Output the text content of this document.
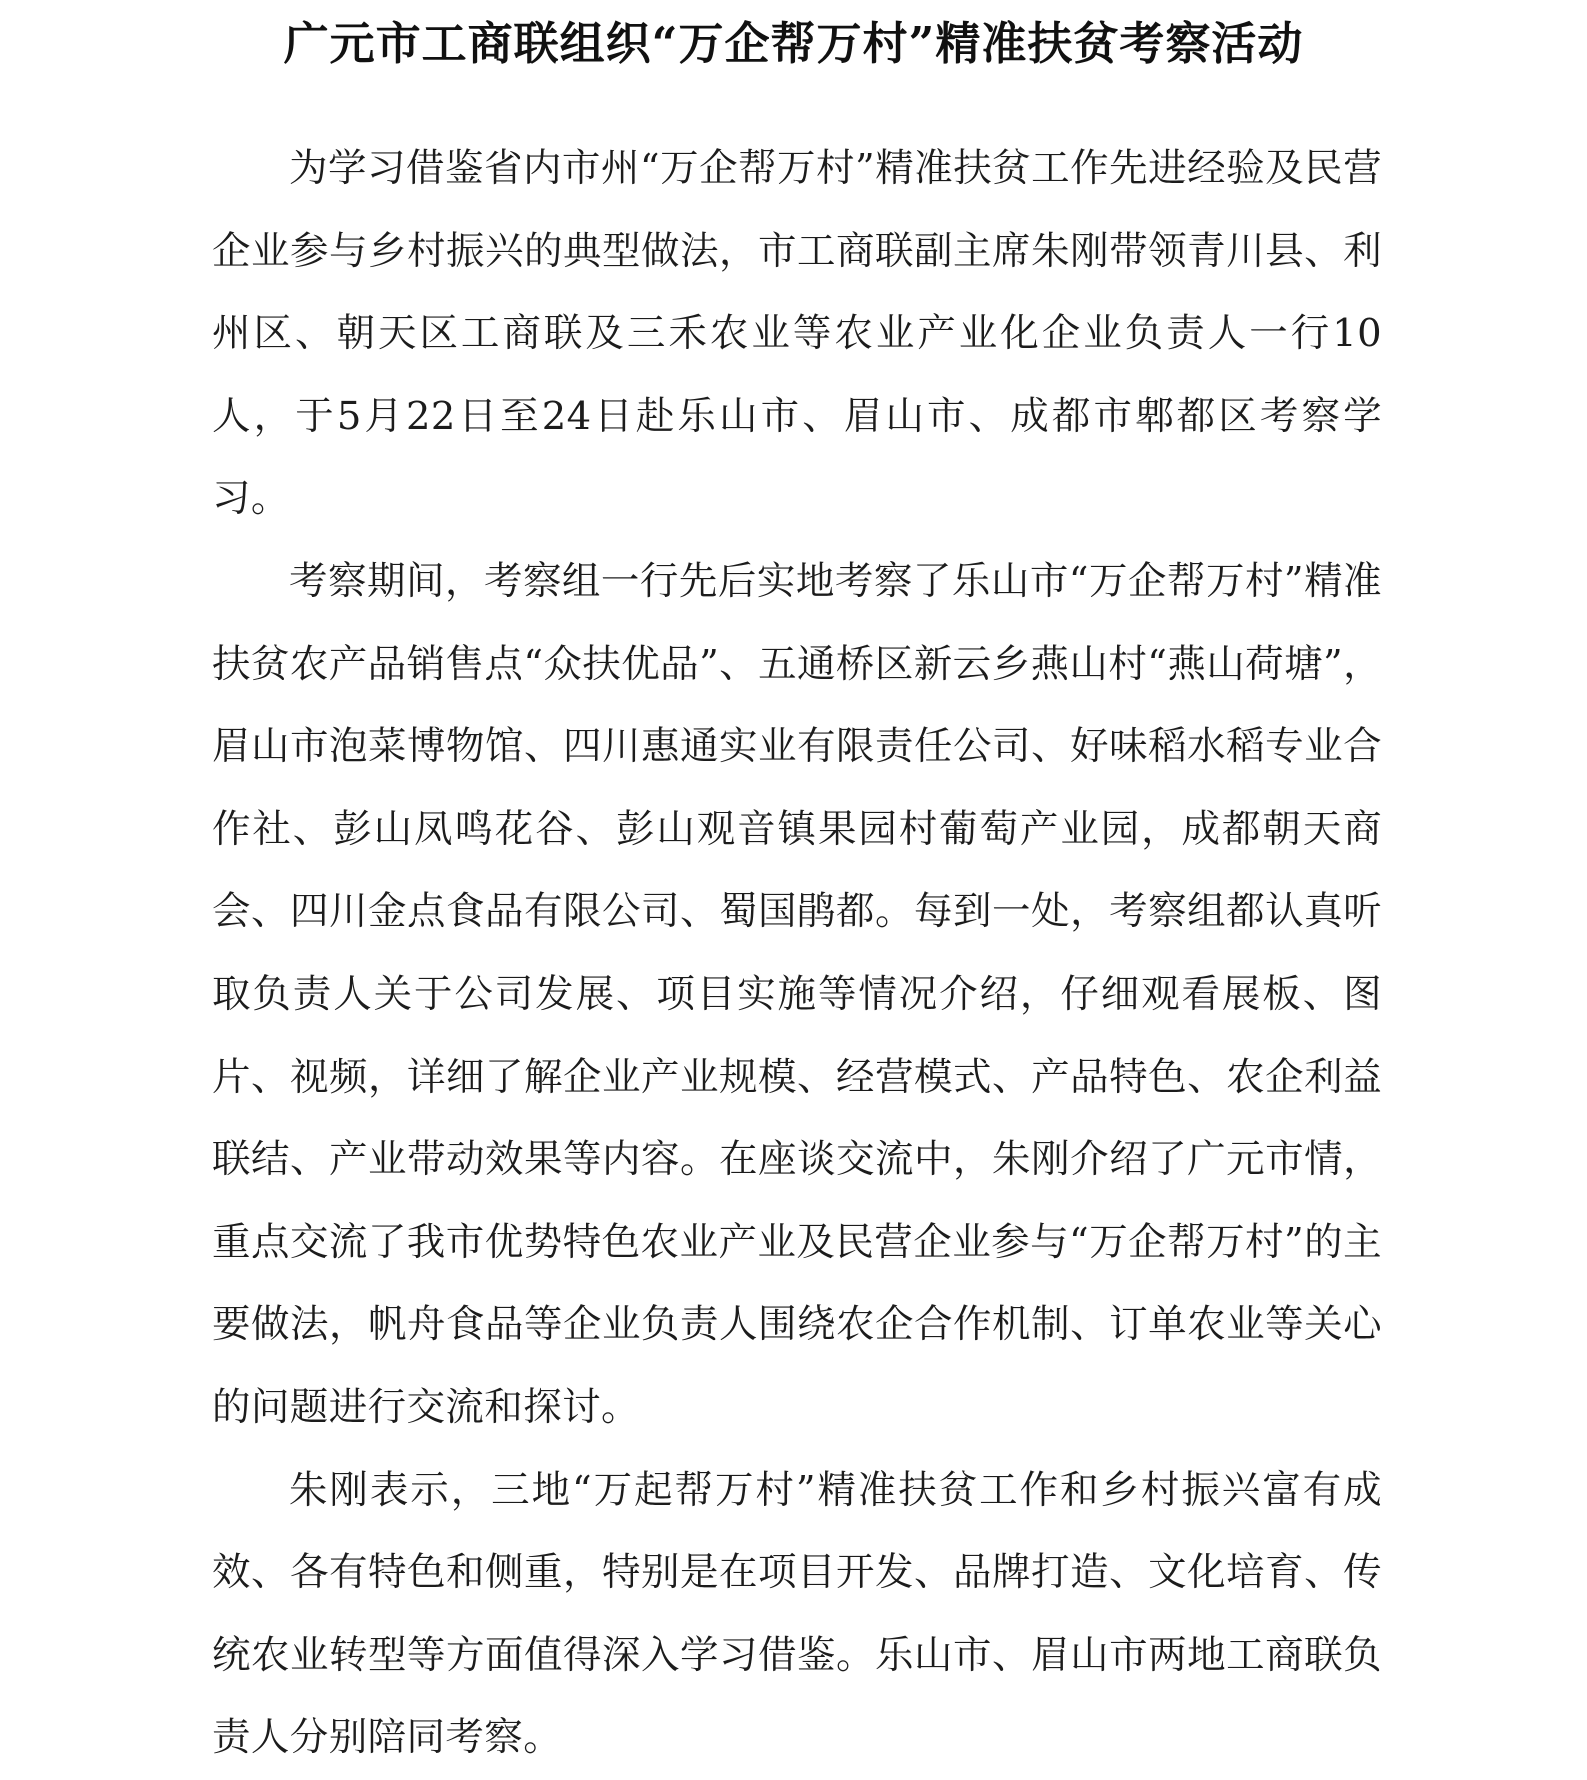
广元市工商联组织“万企帮万村”精准扶贫考察活动

为学习借鉴省内市州“万企帮万村”精准扶贫工作先进经验及民营企业参与乡村振兴的典型做法，市工商联副主席朱刚带领青川县、利州区、朝天区工商联及三禾农业等农业产业化企业负责人一行10人，于5月22日至24日赴乐山市、眉山市、成都市郫都区考察学习。

考察期间，考察组一行先后实地考察了乐山市“万企帮万村”精准扶贫农产品销售点“众扶优品”、五通桥区新云乡燕山村“燕山荷塘”，眉山市泡菜博物馆、四川惠通实业有限责任公司、好味稻水稻专业合作社、彭山凤鸣花谷、彭山观音镇果园村葡萄产业园，成都朝天商会、四川金点食品有限公司、蜀国鹃都。每到一处，考察组都认真听取负责人关于公司发展、项目实施等情况介绍，仔细观看展板、图片、视频，详细了解企业产业规模、经营模式、产品特色、农企利益联结、产业带动效果等内容。在座谈交流中，朱刚介绍了广元市情，重点交流了我市优势特色农业产业及民营企业参与“万企帮万村”的主要做法，帆舟食品等企业负责人围绕农企合作机制、订单农业等关心的问题进行交流和探讨。

朱刚表示，三地“万起帮万村”精准扶贫工作和乡村振兴富有成效、各有特色和侧重，特别是在项目开发、品牌打造、文化培育、传统农业转型等方面值得深入学习借鉴。乐山市、眉山市两地工商联负责人分别陪同考察。
